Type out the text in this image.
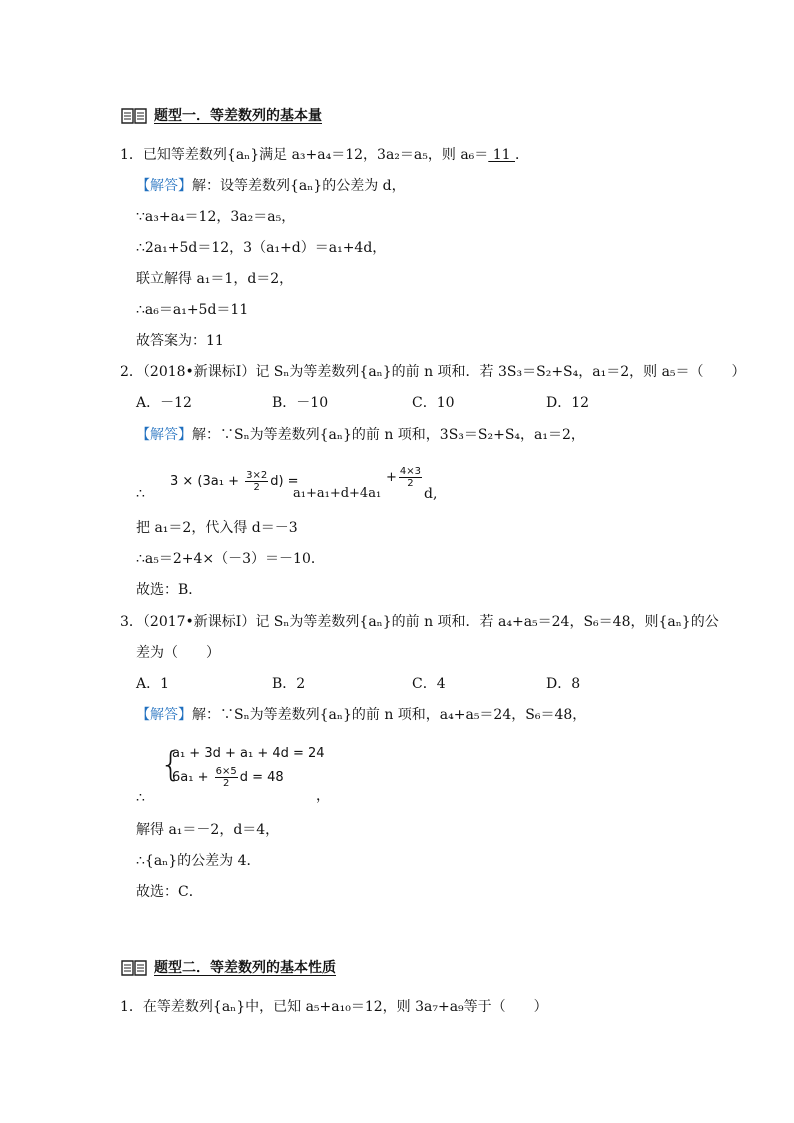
题型一．等差数列的基本量
1．已知等差数列{aₙ}满足 a₃+a₄＝12，3a₂＝a₅，则 a₆＝ 11 ．
【解答】解：设等差数列{aₙ}的公差为 d，
∵a₃+a₄＝12，3a₂＝a₅，
∴2a₁+5d＝12，3（a₁+d）＝a₁+4d，
联立解得 a₁＝1，d＝2，
∴a₆＝a₁+5d＝11
故答案为：11
2．（2018•新课标Ⅰ）记 Sₙ为等差数列{aₙ}的前 n 项和．若 3S₃＝S₂+S₄，a₁＝2，则 a₅＝（　　）
A．－12	B．－10	C．10	D．12
【解答】解：∵Sₙ为等差数列{aₙ}的前 n 项和，3S₃＝S₂+S₄，a₁＝2，
∴
$3 \times (3a_1 + \frac{3\times 2}{2} d)$ =
a₁+a₁+d+4a₁
+ $\frac{4\times 3}{2}$
d,
把 a₁＝2，代入得 d＝－3
∴a₅＝2+4×（－3）＝－10．
故选：B．
3．（2017•新课标Ⅰ）记 Sₙ为等差数列{aₙ}的前 n 项和．若 a₄+a₅＝24，S₆＝48，则{aₙ}的公
差为（　　）
A．1	B．2	C．4	D．8
【解答】解：∵Sₙ为等差数列{aₙ}的前 n 项和，a₄+a₅＝24，S₆＝48，
{
a₁ + 3d + a₁ + 4d = 24
$6a_1 + \frac{6\times 5}{2}$ d = 48
∴	，
解得 a₁＝－2，d＝4，
∴{aₙ}的公差为 4．
故选：C．
题型二．等差数列的基本性质
1．在等差数列{aₙ}中，已知 a₅+a₁₀＝12，则 3a₇+a₉等于（　　）
